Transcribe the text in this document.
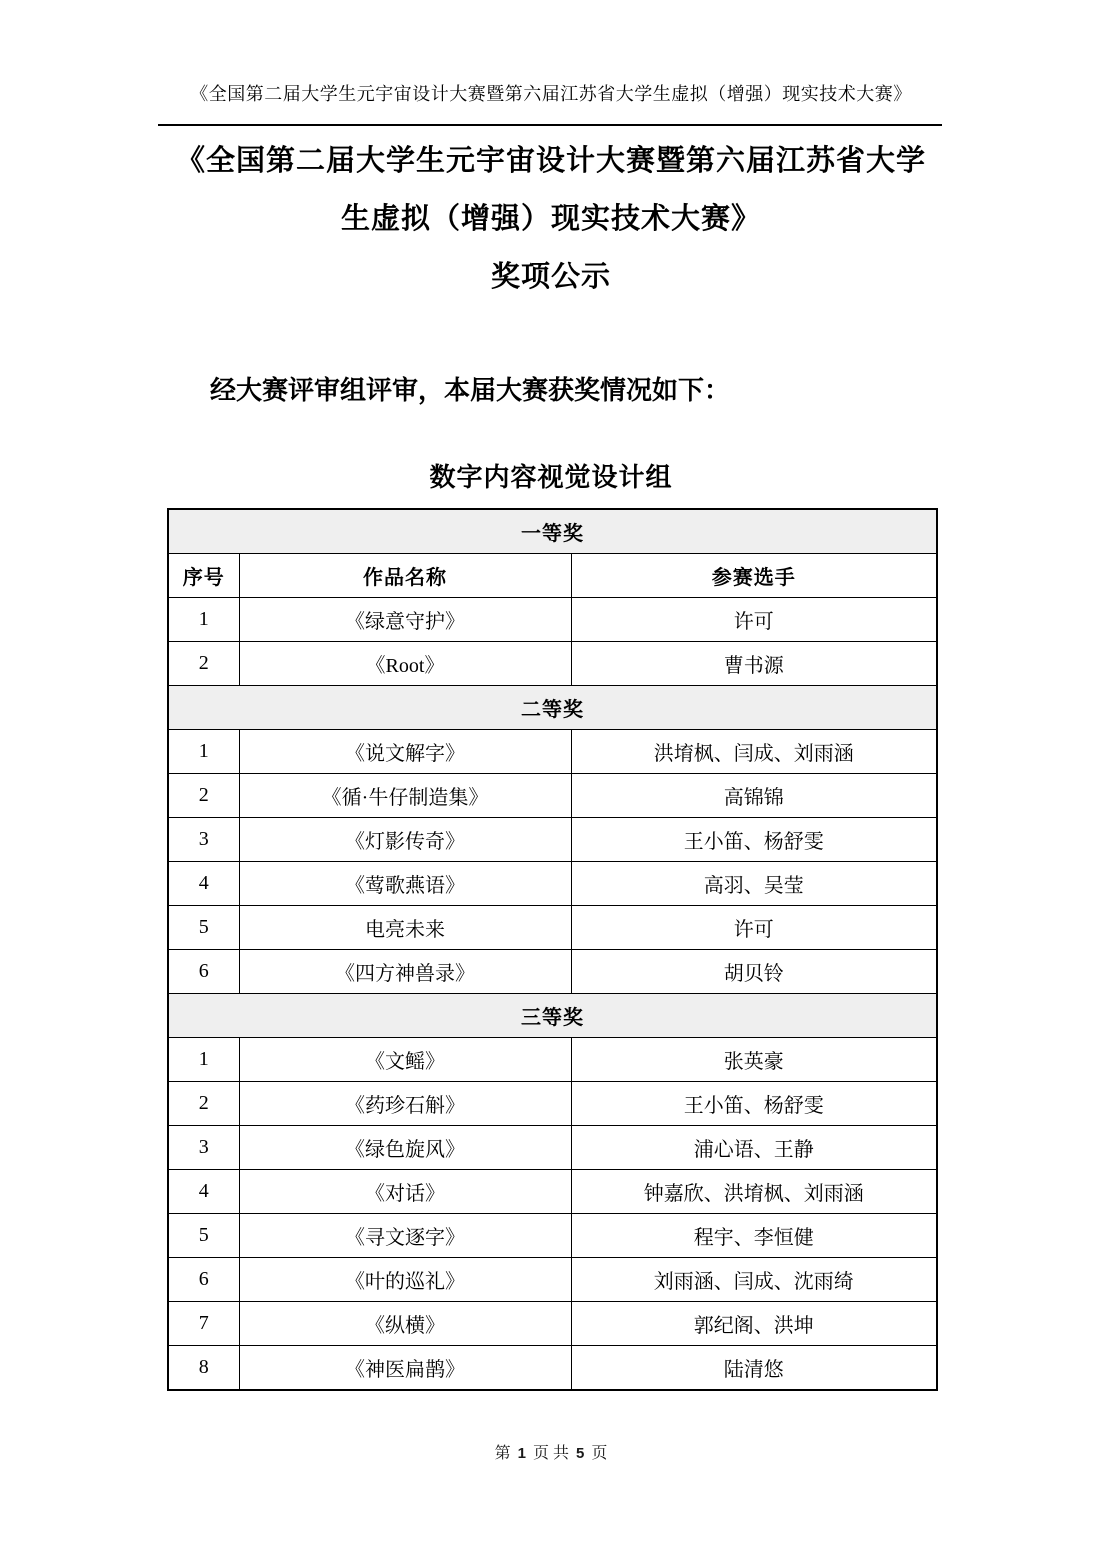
《全国第二届大学生元宇宙设计大赛暨第六届江苏省大学生虚拟（增强）现实技术大赛》
《全国第二届大学生元宇宙设计大赛暨第六届江苏省大学
生虚拟（增强）现实技术大赛》
奖项公示
经大赛评审组评审，本届大赛获奖情况如下：
数字内容视觉设计组
一等奖		
序号	作品名称	参赛选手
1	《绿意守护》	许可
2	《Root》	曹书源
二等奖		
1	《说文解字》	洪堉枫、闫成、刘雨涵
2	《循·牛仔制造集》	高锦锦
3	《灯影传奇》	王小笛、杨舒雯
4	《莺歌燕语》	高羽、吴莹
5	电亮未来	许可
6	《四方神兽录》	胡贝铃
三等奖		
1	《文鳐》	张英豪
2	《药珍石斛》	王小笛、杨舒雯
3	《绿色旋风》	浦心语、王静
4	《对话》	钟嘉欣、洪堉枫、刘雨涵
5	《寻文逐字》	程宇、李恒健
6	《叶的巡礼》	刘雨涵、闫成、沈雨绮
7	《纵横》	郭纪阁、洪坤
8	《神医扁鹊》	陆清悠
第 1 页 共 5 页
